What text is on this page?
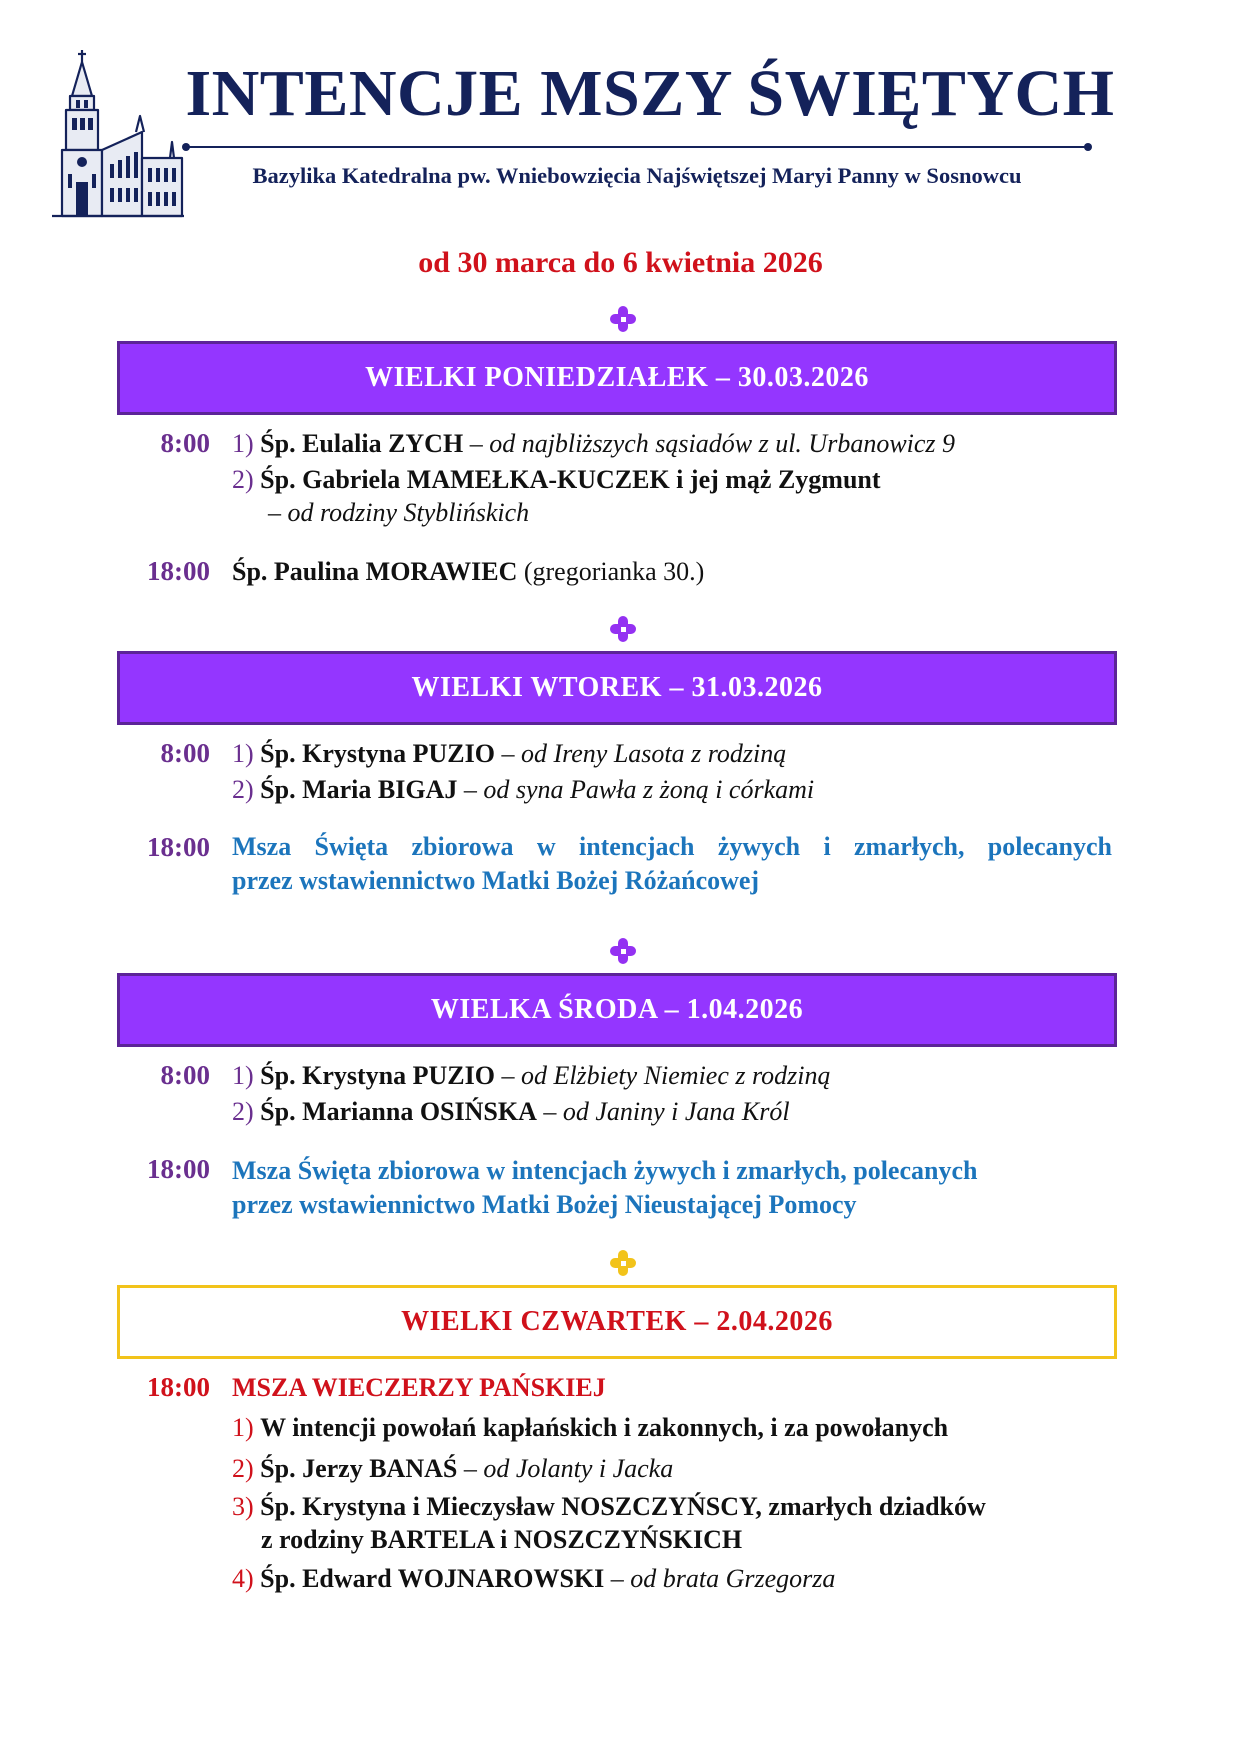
INTENCJE MSZY ŚWIĘTYCH
Bazylika Katedralna pw. Wniebowzięcia Najświętszej Maryi Panny w Sosnowcu
od 30 marca do 6 kwietnia 2026
WIELKI PONIEDZIAŁEK – 30.03.2026
8:00 1) Śp. Eulalia ZYCH – od najbliższych sąsiadów z ul. Urbanowicz 9
2) Śp. Gabriela MAMEŁKA-KUCZEK i jej mąż Zygmunt
– od rodziny Styblińskich
18:00 Śp. Paulina MORAWIEC (gregorianka 30.)
WIELKI WTOREK – 31.03.2026
8:00 1) Śp. Krystyna PUZIO – od Ireny Lasota z rodziną
2) Śp. Maria BIGAJ – od syna Pawła z żoną i córkami
18:00 Msza Święta zbiorowa w intencjach żywych i zmarłych, polecanych
przez wstawiennictwo Matki Bożej Różańcowej
WIELKA ŚRODA – 1.04.2026
8:00 1) Śp. Krystyna PUZIO – od Elżbiety Niemiec z rodziną
2) Śp. Marianna OSIŃSKA – od Janiny i Jana Król
18:00 Msza Święta zbiorowa w intencjach żywych i zmarłych, polecanych
przez wstawiennictwo Matki Bożej Nieustającej Pomocy
WIELKI CZWARTEK – 2.04.2026
18:00 MSZA WIECZERZY PAŃSKIEJ
1) W intencji powołań kapłańskich i zakonnych, i za powołanych
2) Śp. Jerzy BANAŚ – od Jolanty i Jacka
3) Śp. Krystyna i Mieczysław NOSZCZYŃSCY, zmarłych dziadków
z rodziny BARTELA i NOSZCZYŃSKICH
4) Śp. Edward WOJNAROWSKI – od brata Grzegorza
